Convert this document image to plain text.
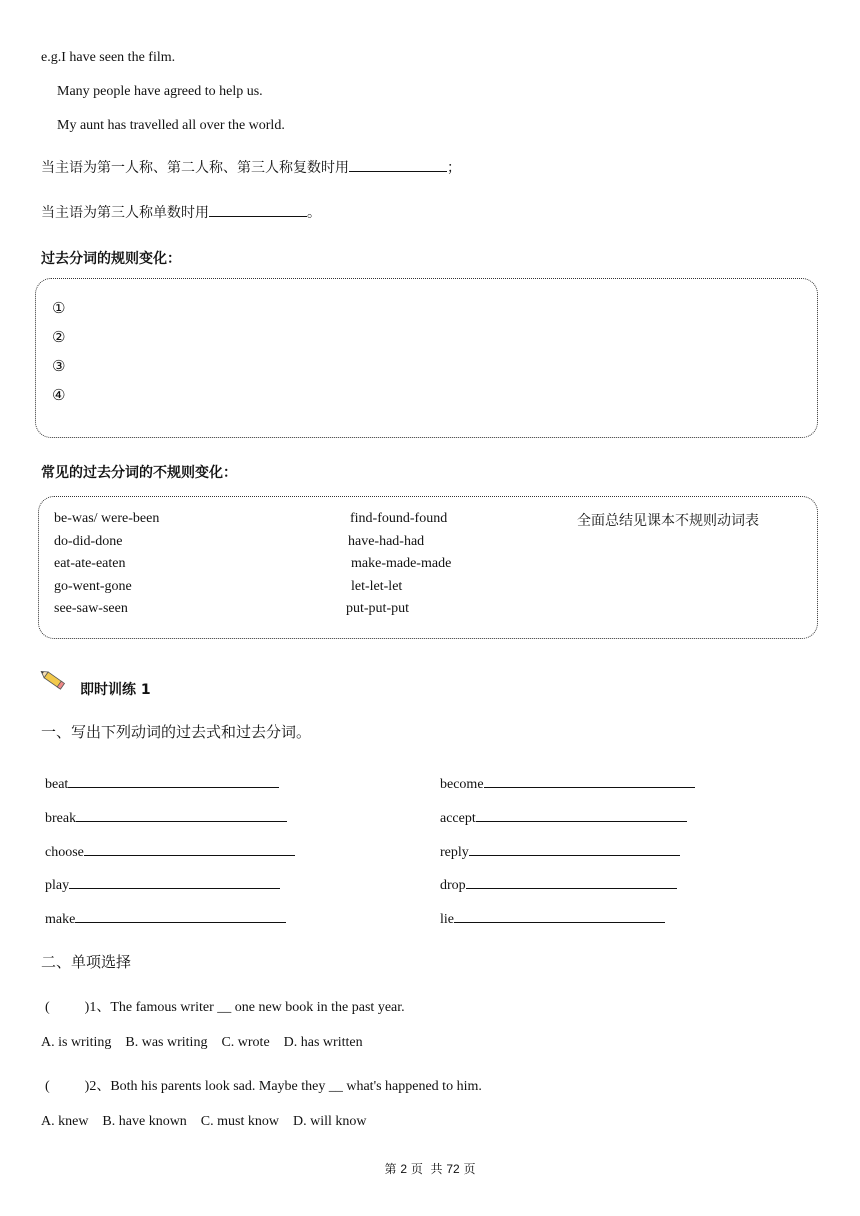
e.g.I have seen the film.
Many people have agreed to help us.
My aunt has travelled all over the world.
当主语为第一人称、第二人称、第三人称复数时用	；
当主语为第三人称单数时用	。
过去分词的规则变化：
①
②
③
④
常见的过去分词的不规则变化：
be-was/ were-been
do-did-done
eat-ate-eaten
go-went-gone
see-saw-seen
find-found-found
have-had-had
make-made-made
let-let-let
put-put-put
全面总结见课本不规则动词表
即时训练 1
一、写出下列动词的过去式和过去分词。
beat
break
choose
play
make
become
accept
reply
drop
lie
二、单项选择
(          )1、The famous writer __ one new book in the past year.
A. is writing    B. was writing    C. wrote    D. has written
(          )2、Both his parents look sad. Maybe they __ what's happened to him.
A. knew    B. have known    C. must know    D. will know
第 2 页  共 72 页
